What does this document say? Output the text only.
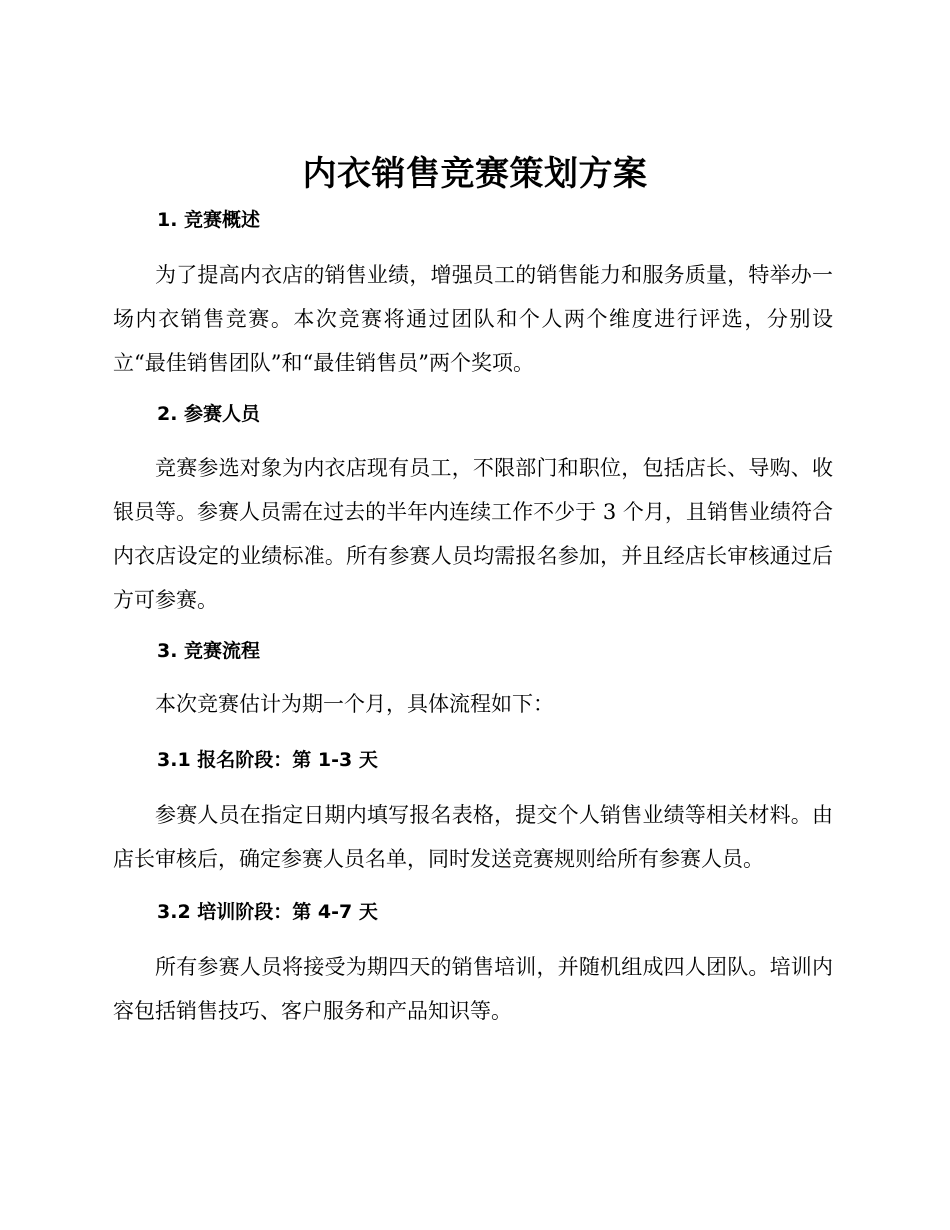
内衣销售竞赛策划方案
1. 竞赛概述
为了提高内衣店的销售业绩，增强员工的销售能力和服务质量，特举办一场内衣销售竞赛。本次竞赛将通过团队和个人两个维度进行评选，分别设立“最佳销售团队”和“最佳销售员”两个奖项。
2. 参赛人员
竞赛参选对象为内衣店现有员工，不限部门和职位，包括店长、导购、收银员等。参赛人员需在过去的半年内连续工作不少于 3 个月，且销售业绩符合内衣店设定的业绩标准。所有参赛人员均需报名参加，并且经店长审核通过后方可参赛。
3. 竞赛流程
本次竞赛估计为期一个月，具体流程如下：
3.1 报名阶段：第 1-3 天
参赛人员在指定日期内填写报名表格，提交个人销售业绩等相关材料。由店长审核后，确定参赛人员名单，同时发送竞赛规则给所有参赛人员。
3.2 培训阶段：第 4-7 天
所有参赛人员将接受为期四天的销售培训，并随机组成四人团队。培训内容包括销售技巧、客户服务和产品知识等。
